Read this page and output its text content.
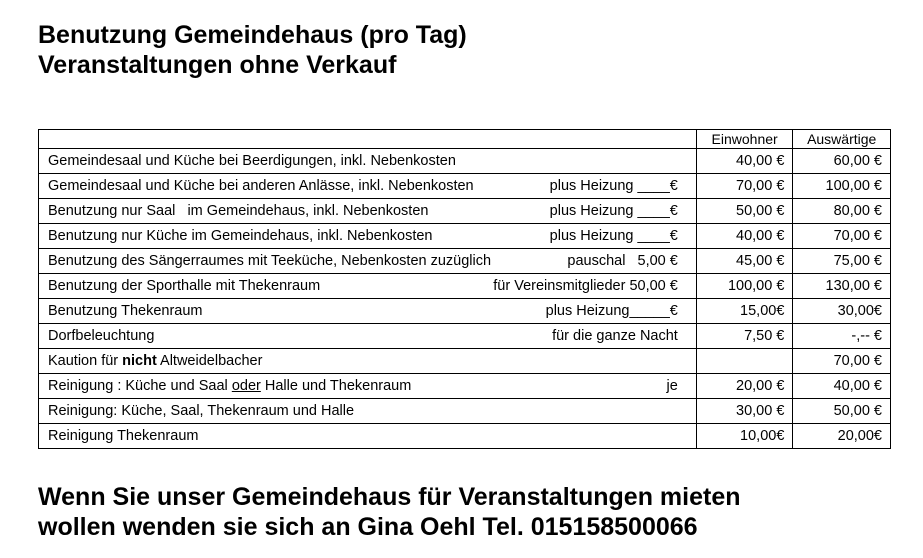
Benutzung Gemeindehaus (pro Tag)
Veranstaltungen ohne Verkauf
	Einwohner	Auswärtige

Gemeindesaal und Küche bei Beerdigungen, inkl. Nebenkosten	40,00 €	60,00 €

Gemeindesaal und Küche bei anderen Anlässe, inkl. Nebenkosten plus Heizung ____€	70,00 €	100,00 €

Benutzung nur Saal   im Gemeindehaus, inkl. Nebenkosten plus Heizung ____€	50,00 €	80,00 €

Benutzung nur Küche im Gemeindehaus, inkl. Nebenkosten plus Heizung ____€	40,00 €	70,00 €

Benutzung des Sängerraumes mit Teeküche, Nebenkosten zuzüglich pauschal   5,00 €	45,00 €	75,00 €

Benutzung der Sporthalle mit Thekenraum für Vereinsmitglieder 50,00 €	100,00 €	130,00 €

Benutzung Thekenraum plus Heizung_____€	15,00€	30,00€

Dorfbeleuchtung für die ganze Nacht	7,50 €	-,-- €

Kaution für nicht Altweidelbacher		70,00 €

Reinigung : Küche und Saal oder Halle und Thekenraum je	20,00 €	40,00 €

Reinigung: Küche, Saal, Thekenraum und Halle	30,00 €	50,00 €

Reinigung Thekenraum	10,00€	20,00€
Wenn Sie unser Gemeindehaus für Veranstaltungen mieten
wollen wenden sie sich an Gina Oehl Tel. 015158500066
